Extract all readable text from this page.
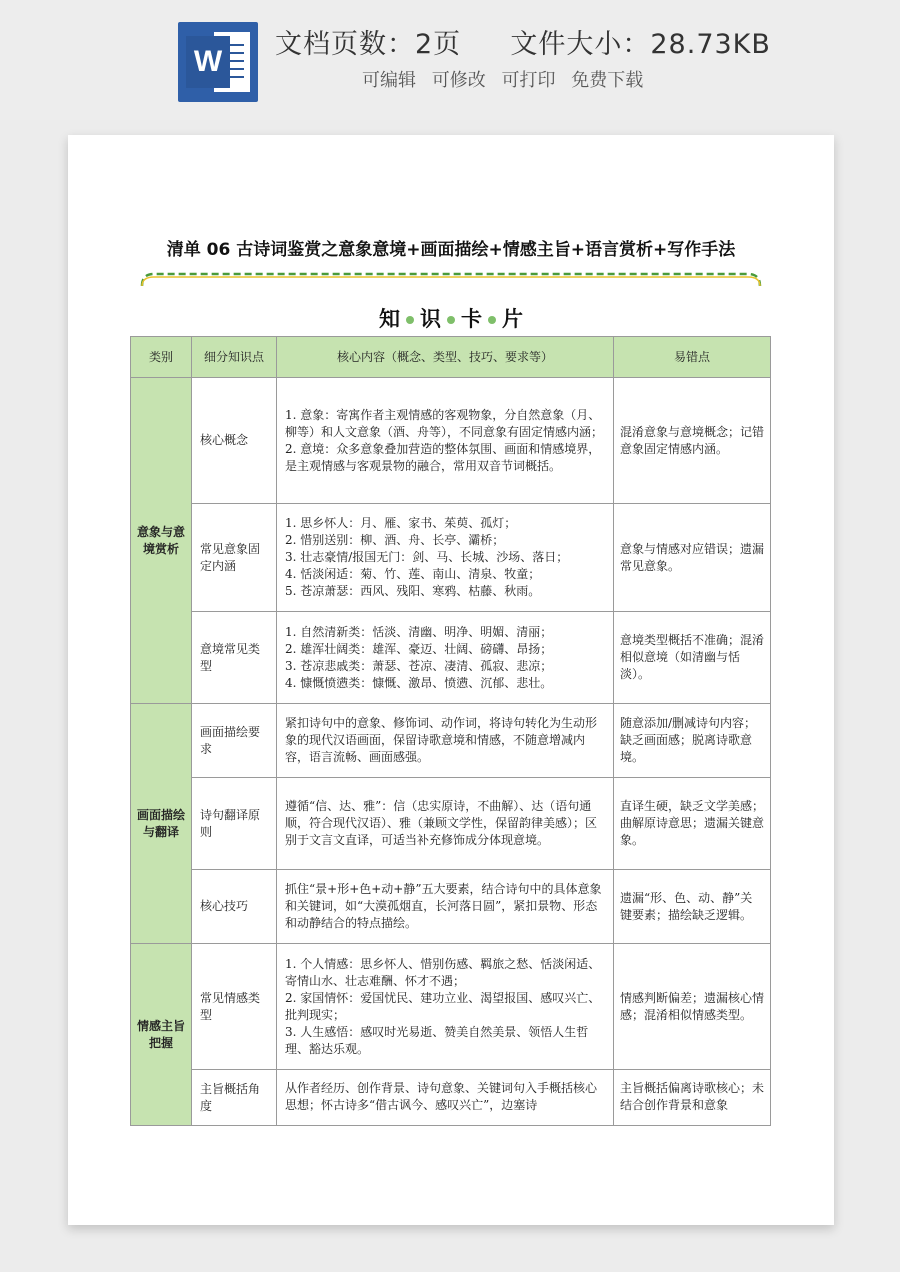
W
文档页数：2页 文件大小：28.73KB
可编辑 可修改 可打印 免费下载
清单 06 古诗词鉴赏之意象意境+画面描绘+情感主旨+语言赏析+写作手法
知 识 卡 片
类别	细分知识点	核心内容（概念、类型、技巧、要求等）	易错点
意象与意境赏析	核心概念	1. 意象：寄寓作者主观情感的客观物象，分自然意象（月、柳等）和人文意象（酒、舟等），不同意象有固定情感内涵；
2. 意境：众多意象叠加营造的整体氛围、画面和情感境界，是主观情感与客观景物的融合，常用双音节词概括。	混淆意象与意境概念；记错意象固定情感内涵。
	常见意象固定内涵	1. 思乡怀人：月、雁、家书、茱萸、孤灯；
2. 惜别送别：柳、酒、舟、长亭、灞桥；
3. 壮志豪情/报国无门：剑、马、长城、沙场、落日；
4. 恬淡闲适：菊、竹、莲、南山、清泉、牧童；
5. 苍凉萧瑟：西风、残阳、寒鸦、枯藤、秋雨。	意象与情感对应错误；遗漏常见意象。
	意境常见类型	1. 自然清新类：恬淡、清幽、明净、明媚、清丽；
2. 雄浑壮阔类：雄浑、豪迈、壮阔、磅礴、昂扬；
3. 苍凉悲戚类：萧瑟、苍凉、凄清、孤寂、悲凉；
4. 慷慨愤懑类：慷慨、激昂、愤懑、沉郁、悲壮。	意境类型概括不准确；混淆相似意境（如清幽与恬淡）。
画面描绘与翻译	画面描绘要求	紧扣诗句中的意象、修饰词、动作词，将诗句转化为生动形象的现代汉语画面，保留诗歌意境和情感，不随意增减内容，语言流畅、画面感强。	随意添加/删减诗句内容；缺乏画面感；脱离诗歌意境。
	诗句翻译原则	遵循“信、达、雅”：信（忠实原诗，不曲解）、达（语句通顺，符合现代汉语）、雅（兼顾文学性，保留韵律美感）；区别于文言文直译，可适当补充修饰成分体现意境。	直译生硬，缺乏文学美感；曲解原诗意思；遗漏关键意象。
	核心技巧	抓住“景+形+色+动+静”五大要素，结合诗句中的具体意象和关键词，如“大漠孤烟直，长河落日圆”，紧扣景物、形态和动静结合的特点描绘。	遗漏“形、色、动、静”关键要素；描绘缺乏逻辑。
情感主旨把握	常见情感类型	1. 个人情感：思乡怀人、惜别伤感、羁旅之愁、恬淡闲适、寄情山水、壮志难酬、怀才不遇；
2. 家国情怀：爱国忧民、建功立业、渴望报国、感叹兴亡、批判现实；
3. 人生感悟：感叹时光易逝、赞美自然美景、领悟人生哲理、豁达乐观。	情感判断偏差；遗漏核心情感；混淆相似情感类型。
	主旨概括角度	从作者经历、创作背景、诗句意象、关键词句入手概括核心思想；怀古诗多“借古讽今、感叹兴亡”，边塞诗	主旨概括偏离诗歌核心；未结合创作背景和意象
